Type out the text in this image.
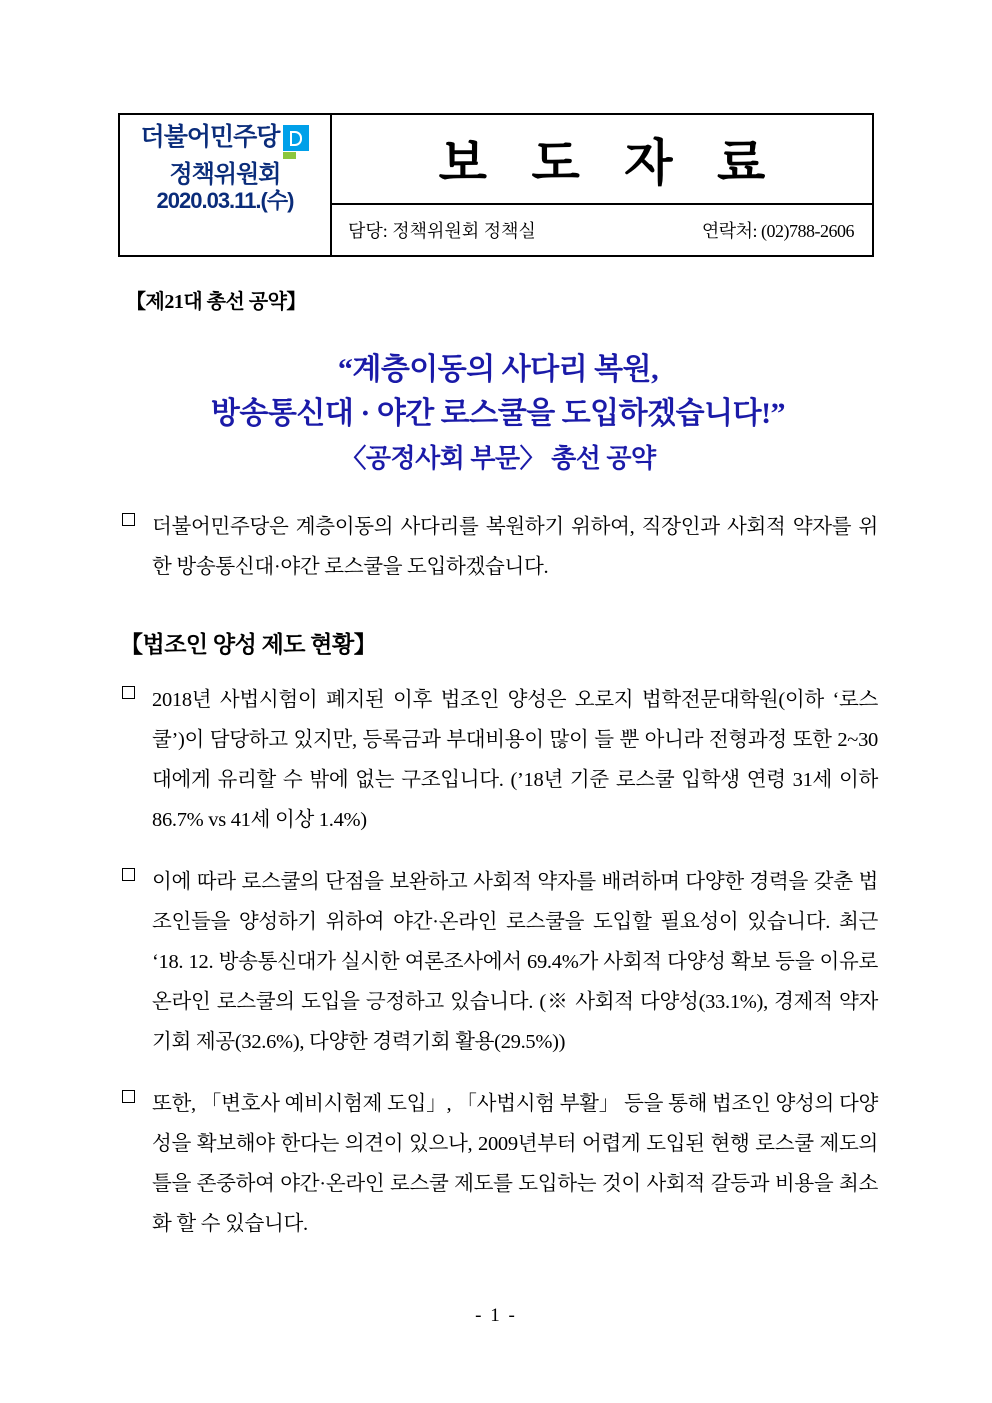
더불어민주당
정책위원회
2020.03.11.(수)
보 도 자 료
담당: 정책위원회 정책실	연락처: (02)788-2606
【제21대 총선 공약】
“계층이동의 사다리 복원,
방송통신대 · 야간 로스쿨을 도입하겠습니다!”
〈공정사회 부문〉 총선 공약
더불어민주당은 계층이동의 사다리를 복원하기 위하여, 직장인과 사회적 약자를 위한 방송통신대·야간 로스쿨을 도입하겠습니다.
【법조인 양성 제도 현황】
2018년 사법시험이 폐지된 이후 법조인 양성은 오로지 법학전문대학원(이하 ‘로스쿨’)이 담당하고 있지만, 등록금과 부대비용이 많이 들 뿐 아니라 전형과정 또한 2~30대에게 유리할 수 밖에 없는 구조입니다. (’18년 기준 로스쿨 입학생 연령 31세 이하 86.7% vs 41세 이상 1.4%)
이에 따라 로스쿨의 단점을 보완하고 사회적 약자를 배려하며 다양한 경력을 갖춘 법조인들을 양성하기 위하여 야간·온라인 로스쿨을 도입할 필요성이 있습니다. 최근 ‘18. 12. 방송통신대가 실시한 여론조사에서 69.4%가 사회적 다양성 확보 등을 이유로 온라인 로스쿨의 도입을 긍정하고 있습니다. (※ 사회적 다양성(33.1%), 경제적 약자 기회 제공(32.6%), 다양한 경력기회 활용(29.5%))
또한, 「변호사 예비시험제 도입」, 「사법시험 부활」 등을 통해 법조인 양성의 다양성을 확보해야 한다는 의견이 있으나, 2009년부터 어렵게 도입된 현행 로스쿨 제도의 틀을 존중하여 야간·온라인 로스쿨 제도를 도입하는 것이 사회적 갈등과 비용을 최소화 할 수 있습니다.
- 1 -
